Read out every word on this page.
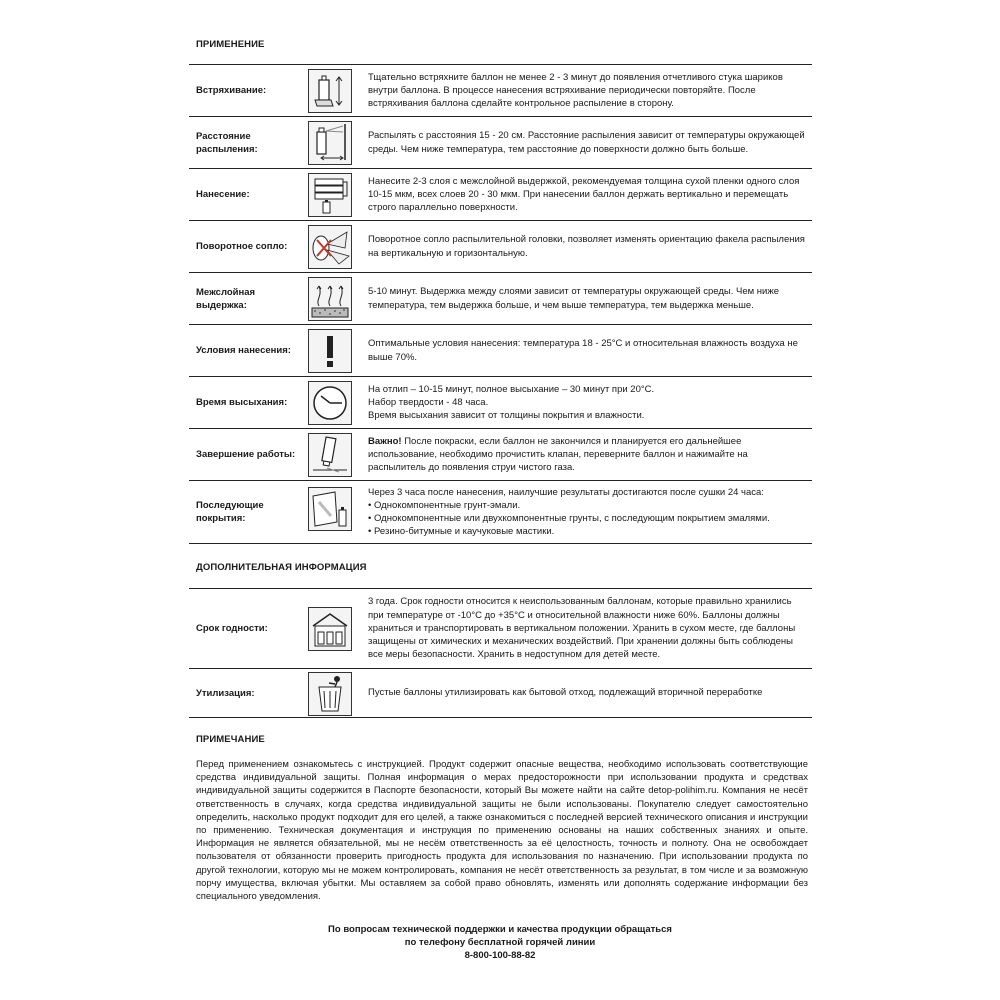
ПРИМЕНЕНИЕ
Встряхивание:

Тщательно встряхните баллон не менее 2 - 3 минут до появления отчетливого стука шариков внутри баллона. В процессе нанесения встряхивание периодически повторяйте. После встряхивания баллона сделайте контрольное распыление в сторону.

Расстояние распыления:

Распылять с расстояния 15 - 20 см. Расстояние распыления зависит от температуры окружающей среды. Чем ниже температура, тем расстояние до поверхности должно быть больше.

Нанесение:

Нанесите 2-3 слоя с межслойной выдержкой, рекомендуемая толщина сухой пленки одного слоя 10-15 мкм, всех слоев 20 - 30 мкм. При нанесении баллон держать вертикально и перемещать строго параллельно поверхности.

Поворотное сопло:

Поворотное сопло распылительной головки, позволяет изменять ориентацию факела распыления на вертикальную и горизонтальную.

Межслойная выдержка:

5-10 минут. Выдержка между слоями зависит от температуры окружающей среды. Чем ниже температура, тем выдержка больше, и чем выше температура, тем выдержка меньше.

Условия нанесения:

Оптимальные условия нанесения: температура 18 - 25°С и относительная влажность воздуха не выше 70%.

Время высыхания:

На отлип – 10-15 минут, полное высыхание – 30 минут при 20°С.

Набор твердости - 48 часа.

Время высыхания зависит от толщины покрытия и влажности.

Завершение работы:

Важно! После покраски, если баллон не закончился и планируется его дальнейшее использование, необходимо прочистить клапан, переверните баллон и нажимайте на распылитель до появления струи чистого газа.

Последующие покрытия:

Через 3 часа после нанесения, наилучшие результаты достигаются после сушки 24 часа:

• Однокомпонентные грунт-эмали.

• Однокомпонентные или двухкомпонентные грунты, с последующим покрытием эмалями.

• Резино-битумные и каучуковые мастики.

ДОПОЛНИТЕЛЬНАЯ ИНФОРМАЦИЯ
Срок годности:

3 года. Срок годности относится к неиспользованным баллонам, которые правильно хранились при температуре от -10°С до +35°С и относительной влажности ниже 60%. Баллоны должны храниться и транспортировать в вертикальном положении. Хранить в сухом месте, где баллоны защищены от химических и механических воздействий. При хранении должны быть соблюдены все меры безопасности. Хранить в недоступном для детей месте.

Утилизация:	Пустые баллоны утилизировать как бытовой отход, подлежащий вторичной переработке

ПРИМЕЧАНИЕ
Перед применением ознакомьтесь с инструкцией. Продукт содержит опасные вещества, необходимо использовать соответствующие средства индивидуальной защиты. Полная информация о мерах предосторожности при использовании продукта и средствах индивидуальной защиты содержится в Паспорте безопасности, который Вы можете найти на сайте detop-polihim.ru. Компания не несёт ответственность в случаях, когда средства индивидуальной защиты не были использованы. Покупателю следует самостоятельно определить, насколько продукт подходит для его целей, а также ознакомиться с последней версией технического описания и инструкции по применению. Техническая документация и инструкция по применению основаны на наших собственных знаниях и опыте. Информация не является обязательной, мы не несём ответственность за её целостность, точность и полноту. Она не освобождает пользователя от обязанности проверить пригодность продукта для использования по назначению. При использовании продукта по другой технологии, которую мы не можем контролировать, компания не несёт ответственность за результат, в том числе и за возможную порчу имущества, включая убытки. Мы оставляем за собой право обновлять, изменять или дополнять содержание информации без специального уведомления.
По вопросам технической поддержки и качества продукции обращаться
по телефону бесплатной горячей линии
8-800-100-88-82
